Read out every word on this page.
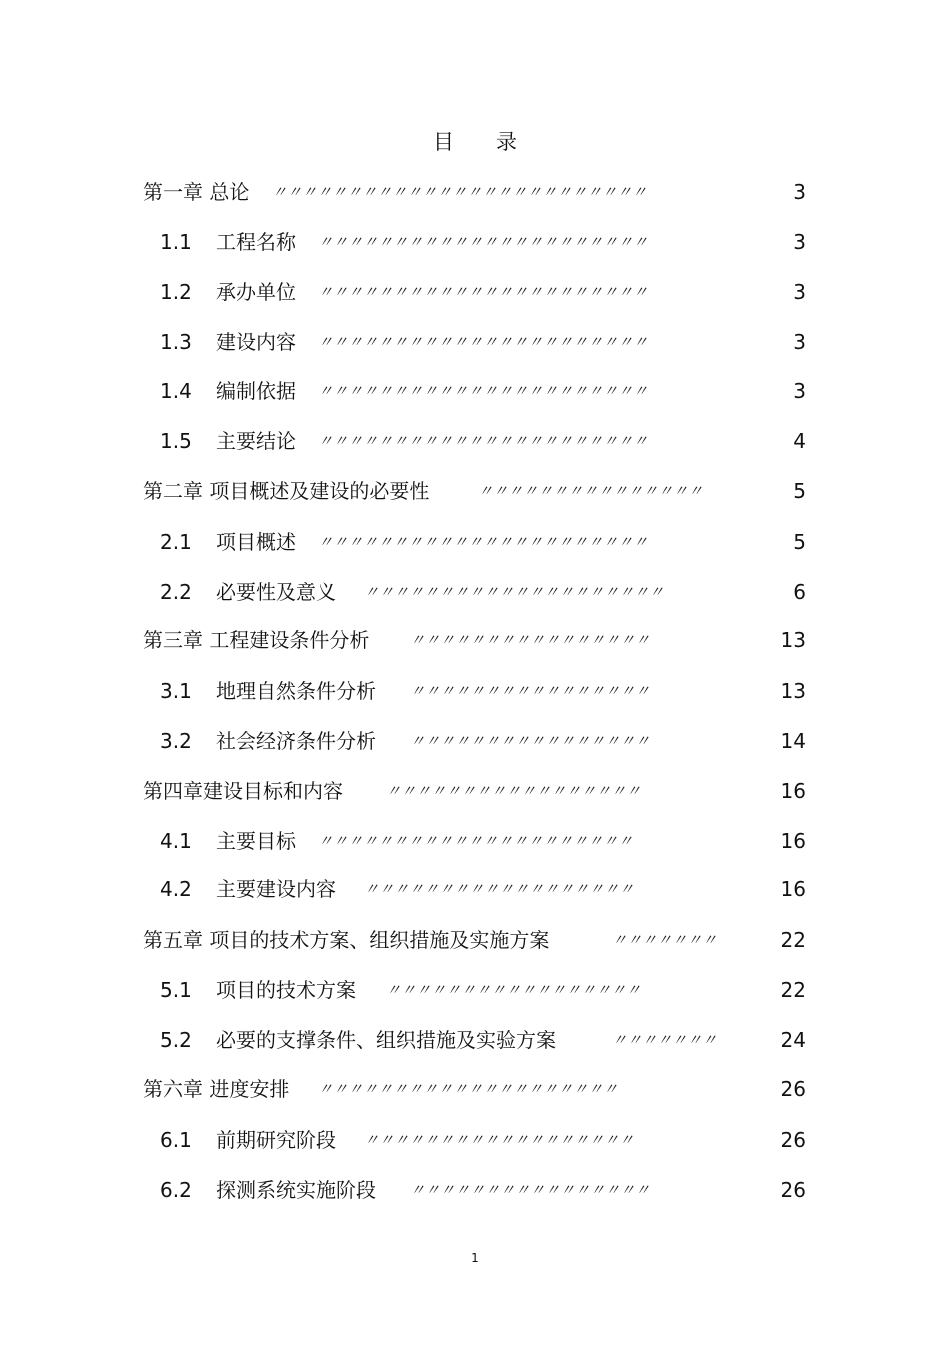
目 录
第一章 总论 〃〃〃〃〃〃〃〃〃〃〃〃〃〃〃〃〃〃〃〃〃〃〃〃〃	3
1.1 工程名称 〃〃〃〃〃〃〃〃〃〃〃〃〃〃〃〃〃〃〃〃〃〃	3
1.2 承办单位 〃〃〃〃〃〃〃〃〃〃〃〃〃〃〃〃〃〃〃〃〃〃	3
1.3 建设内容 〃〃〃〃〃〃〃〃〃〃〃〃〃〃〃〃〃〃〃〃〃〃	3
1.4 编制依据 〃〃〃〃〃〃〃〃〃〃〃〃〃〃〃〃〃〃〃〃〃〃	3
1.5 主要结论 〃〃〃〃〃〃〃〃〃〃〃〃〃〃〃〃〃〃〃〃〃〃	4
第二章 项目概述及建设的必要性	〃〃〃〃〃〃〃〃〃〃〃〃〃〃〃	5
2.1 项目概述 〃〃〃〃〃〃〃〃〃〃〃〃〃〃〃〃〃〃〃〃〃〃	5
2.2 必要性及意义 〃〃〃〃〃〃〃〃〃〃〃〃〃〃〃〃〃〃〃〃	6
第三章 工程建设条件分析	〃〃〃〃〃〃〃〃〃〃〃〃〃〃〃〃	13
3.1 地理自然条件分析 〃〃〃〃〃〃〃〃〃〃〃〃〃〃〃〃	13
3.2 社会经济条件分析 〃〃〃〃〃〃〃〃〃〃〃〃〃〃〃〃	14
第四章建设目标和内容	〃〃〃〃〃〃〃〃〃〃〃〃〃〃〃〃〃	16
4.1 主要目标 〃〃〃〃〃〃〃〃〃〃〃〃〃〃〃〃〃〃〃〃〃	16
4.2 主要建设内容 〃〃〃〃〃〃〃〃〃〃〃〃〃〃〃〃〃〃	16
第五章 项目的技术方案、组织措施及实施方案	〃〃〃〃〃〃〃	22
5.1 项目的技术方案 〃〃〃〃〃〃〃〃〃〃〃〃〃〃〃〃〃	22
5.2 必要的支撑条件、组织措施及实验方案	〃〃〃〃〃〃〃	24
第六章 进度安排 〃〃〃〃〃〃〃〃〃〃〃〃〃〃〃〃〃〃〃〃	26
6.1 前期研究阶段 〃〃〃〃〃〃〃〃〃〃〃〃〃〃〃〃〃〃	26
6.2 探测系统实施阶段 〃〃〃〃〃〃〃〃〃〃〃〃〃〃〃〃	26
1
